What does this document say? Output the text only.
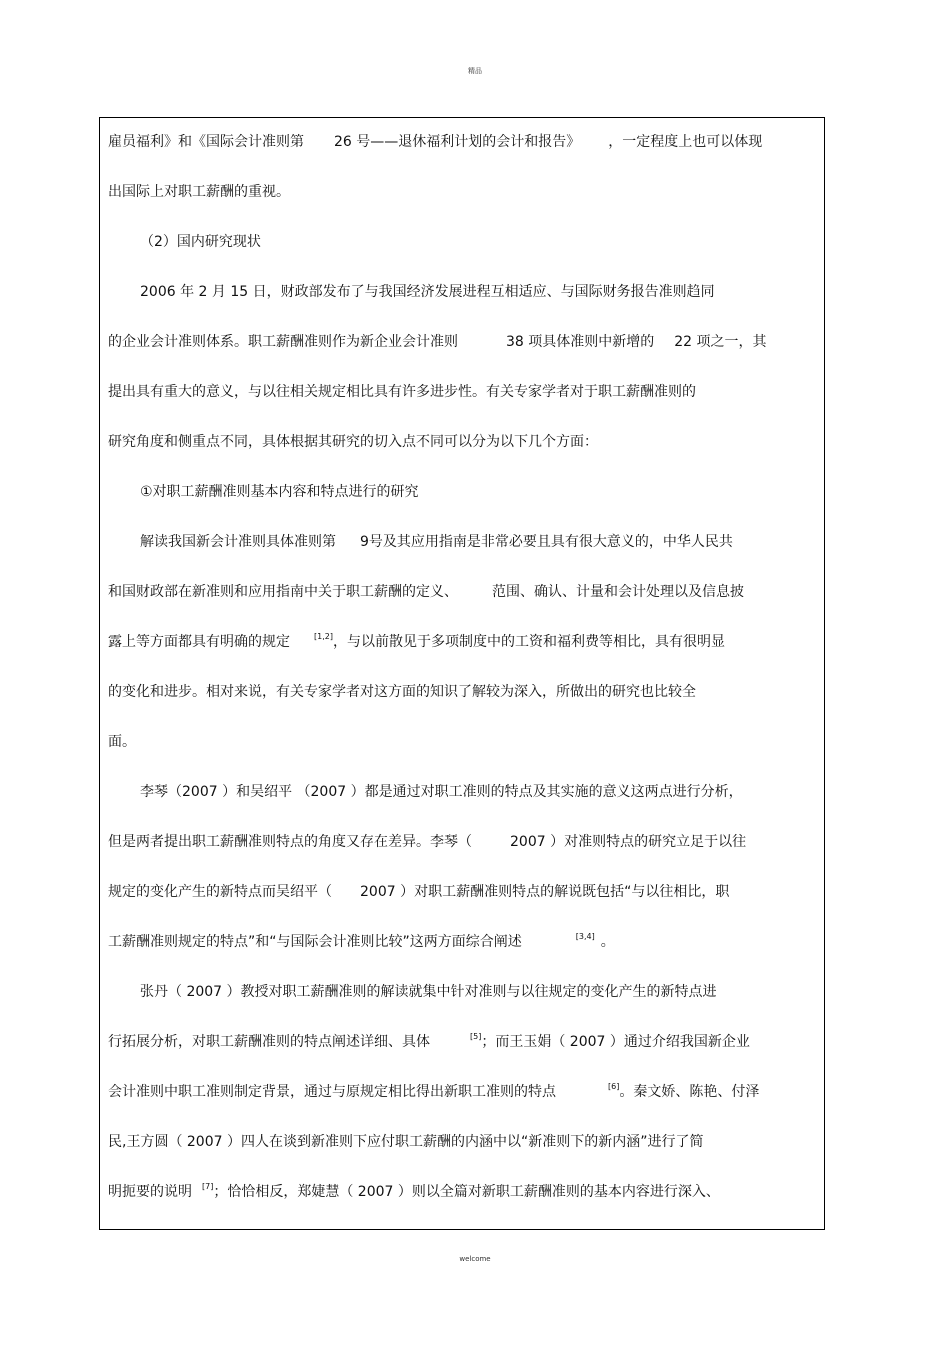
精品
雇员福利》和《国际会计准则第 26 号——退休福利计划的会计和报告》 ，一定程度上也可以体现
出国际上对职工薪酬的重视。
（2）国内研究现状
2006 年 2 月 15 日，财政部发布了与我国经济发展进程互相适应、与国际财务报告准则趋同
的企业会计准则体系。职工薪酬准则作为新企业会计准则	38 项具体准则中新增的 22 项之一，其
提出具有重大的意义，与以往相关规定相比具有许多进步性。有关专家学者对于职工薪酬准则的
研究角度和侧重点不同，具体根据其研究的切入点不同可以分为以下几个方面：
①对职工薪酬准则基本内容和特点进行的研究
解读我国新会计准则具体准则第 9号及其应用指南是非常必要且具有很大意义的，中华人民共
和国财政部在新准则和应用指南中关于职工薪酬的定义、 范围、确认、计量和会计处理以及信息披
露上等方面都具有明确的规定	[1,2]，与以前散见于多项制度中的工资和福利费等相比，具有很明显
的变化和进步。相对来说，有关专家学者对这方面的知识了解较为深入，所做出的研究也比较全
面。
李琴（2007 ）和吴绍平 （2007 ）都是通过对职工准则的特点及其实施的意义这两点进行分析，
但是两者提出职工薪酬准则特点的角度又存在差异。李琴（	2007 ）对准则特点的研究立足于以往
规定的变化产生的新特点而吴绍平（ 2007 ）对职工薪酬准则特点的解说既包括“与以往相比，职
工薪酬准则规定的特点”和“与国际会计准则比较”这两方面综合阐述	[3,4] 。
张丹（ 2007 ）教授对职工薪酬准则的解读就集中针对准则与以往规定的变化产生的新特点进
行拓展分析，对职工薪酬准则的特点阐述详细、具体	[5]；而王玉娟（ 2007 ）通过介绍我国新企业
会计准则中职工准则制定背景，通过与原规定相比得出新职工准则的特点	[6]。秦文娇、陈艳、付泽
民,王方圆（ 2007 ）四人在谈到新准则下应付职工薪酬的内涵中以“新准则下的新内涵”进行了简
明扼要的说明 [7]；恰恰相反，郑婕慧（ 2007 ）则以全篇对新职工薪酬准则的基本内容进行深入、
welcome
